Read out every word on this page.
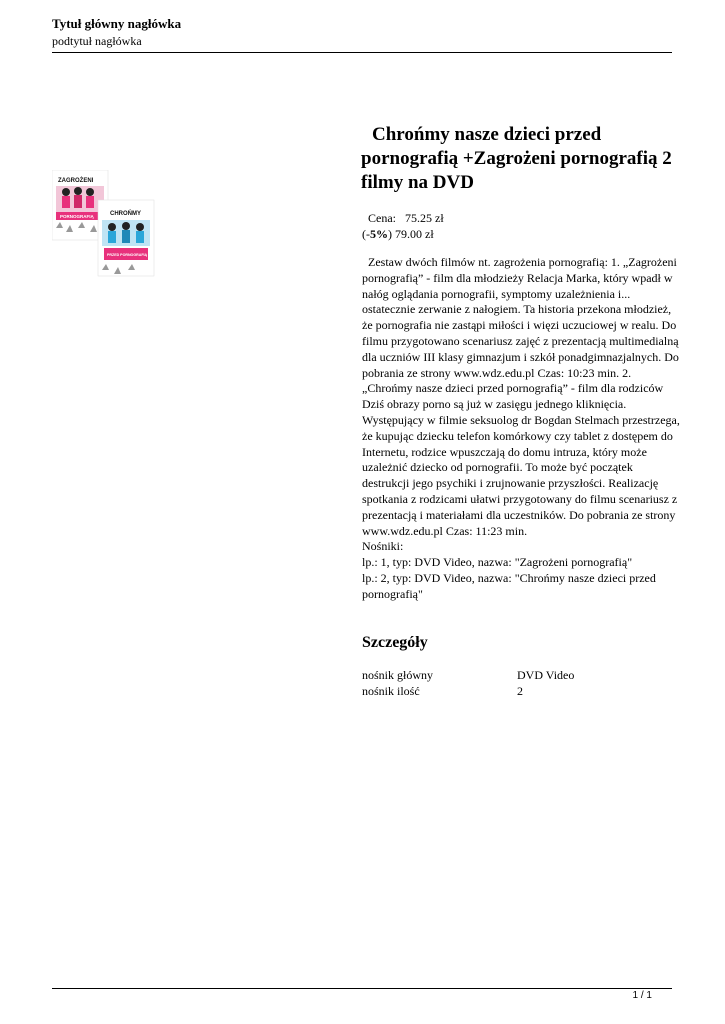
Tytuł główny nagłówka
podtytuł nagłówka
ZAGROŻENI
PORNOGRAFIĄ	CHROŃMY
PRZED PORNOGRAFIĄ
Chrońmy nasze dzieci przed pornografią +Zagrożeni pornografią 2 filmy na DVD
Cena: 75.25 zł
(-5%) 79.00 zł
Zestaw dwóch filmów nt. zagrożenia pornografią: 1. „Zagrożeni pornografią” - film dla młodzieży Relacja Marka, który wpadł w nałóg oglądania pornografii, symptomy uzależnienia i... ostatecznie zerwanie z nałogiem. Ta historia przekona młodzież, że pornografia nie zastąpi miłości i więzi uczuciowej w realu. Do filmu przygotowano scenariusz zajęć z prezentacją multimedialną dla uczniów III klasy gimnazjum i szkół ponadgimnazjalnych. Do pobrania ze strony www.wdz.edu.pl Czas: 10:23 min. 2. „Chrońmy nasze dzieci przed pornografią” - film dla rodziców Dziś obrazy porno są już w zasięgu jednego kliknięcia. Występujący w filmie seksuolog dr Bogdan Stelmach przestrzega, że kupując dziecku telefon komórkowy czy tablet z dostępem do Internetu, rodzice wpuszczają do domu intruza, który może uzależnić dziecko od pornografii. To może być początek destrukcji jego psychiki i zrujnowanie przyszłości. Realizację spotkania z rodzicami ułatwi przygotowany do filmu scenariusz z prezentacją i materiałami dla uczestników. Do pobrania ze strony www.wdz.edu.pl Czas: 11:23 min.
Nośniki:
lp.: 1, typ: DVD Video, nazwa: "Zagrożeni pornografią"
lp.: 2, typ: DVD Video, nazwa: "Chrońmy nasze dzieci przed pornografią"
Szczegóły
nośnik główny	DVD Video
nośnik ilość	2
1 / 1
